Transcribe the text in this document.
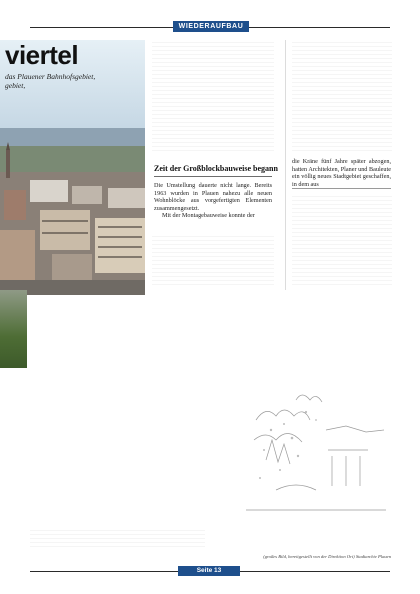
WIEDERAUFBAU
viertel
das Plauener Bahnhofsgebiet,
gebiet,
Zeit der Großblockbauweise begann

Die Umstellung dauerte nicht lange. Bereits 1963 wurden in Plauen nahezu alle neuen Wohnblöcke aus vorgefertigten Elementen zusammengesetzt.

Mit der Montagebauweise konnte der

die Kräne fünf Jahre später abzogen, hatten Architekten, Planer und Bauleute ein völlig neues Stadtgebiet geschaffen, in dem aus

(großes Bild, bereitgestellt von der Direktion Ort) Stadtarchiv Plauen
Seite 13
